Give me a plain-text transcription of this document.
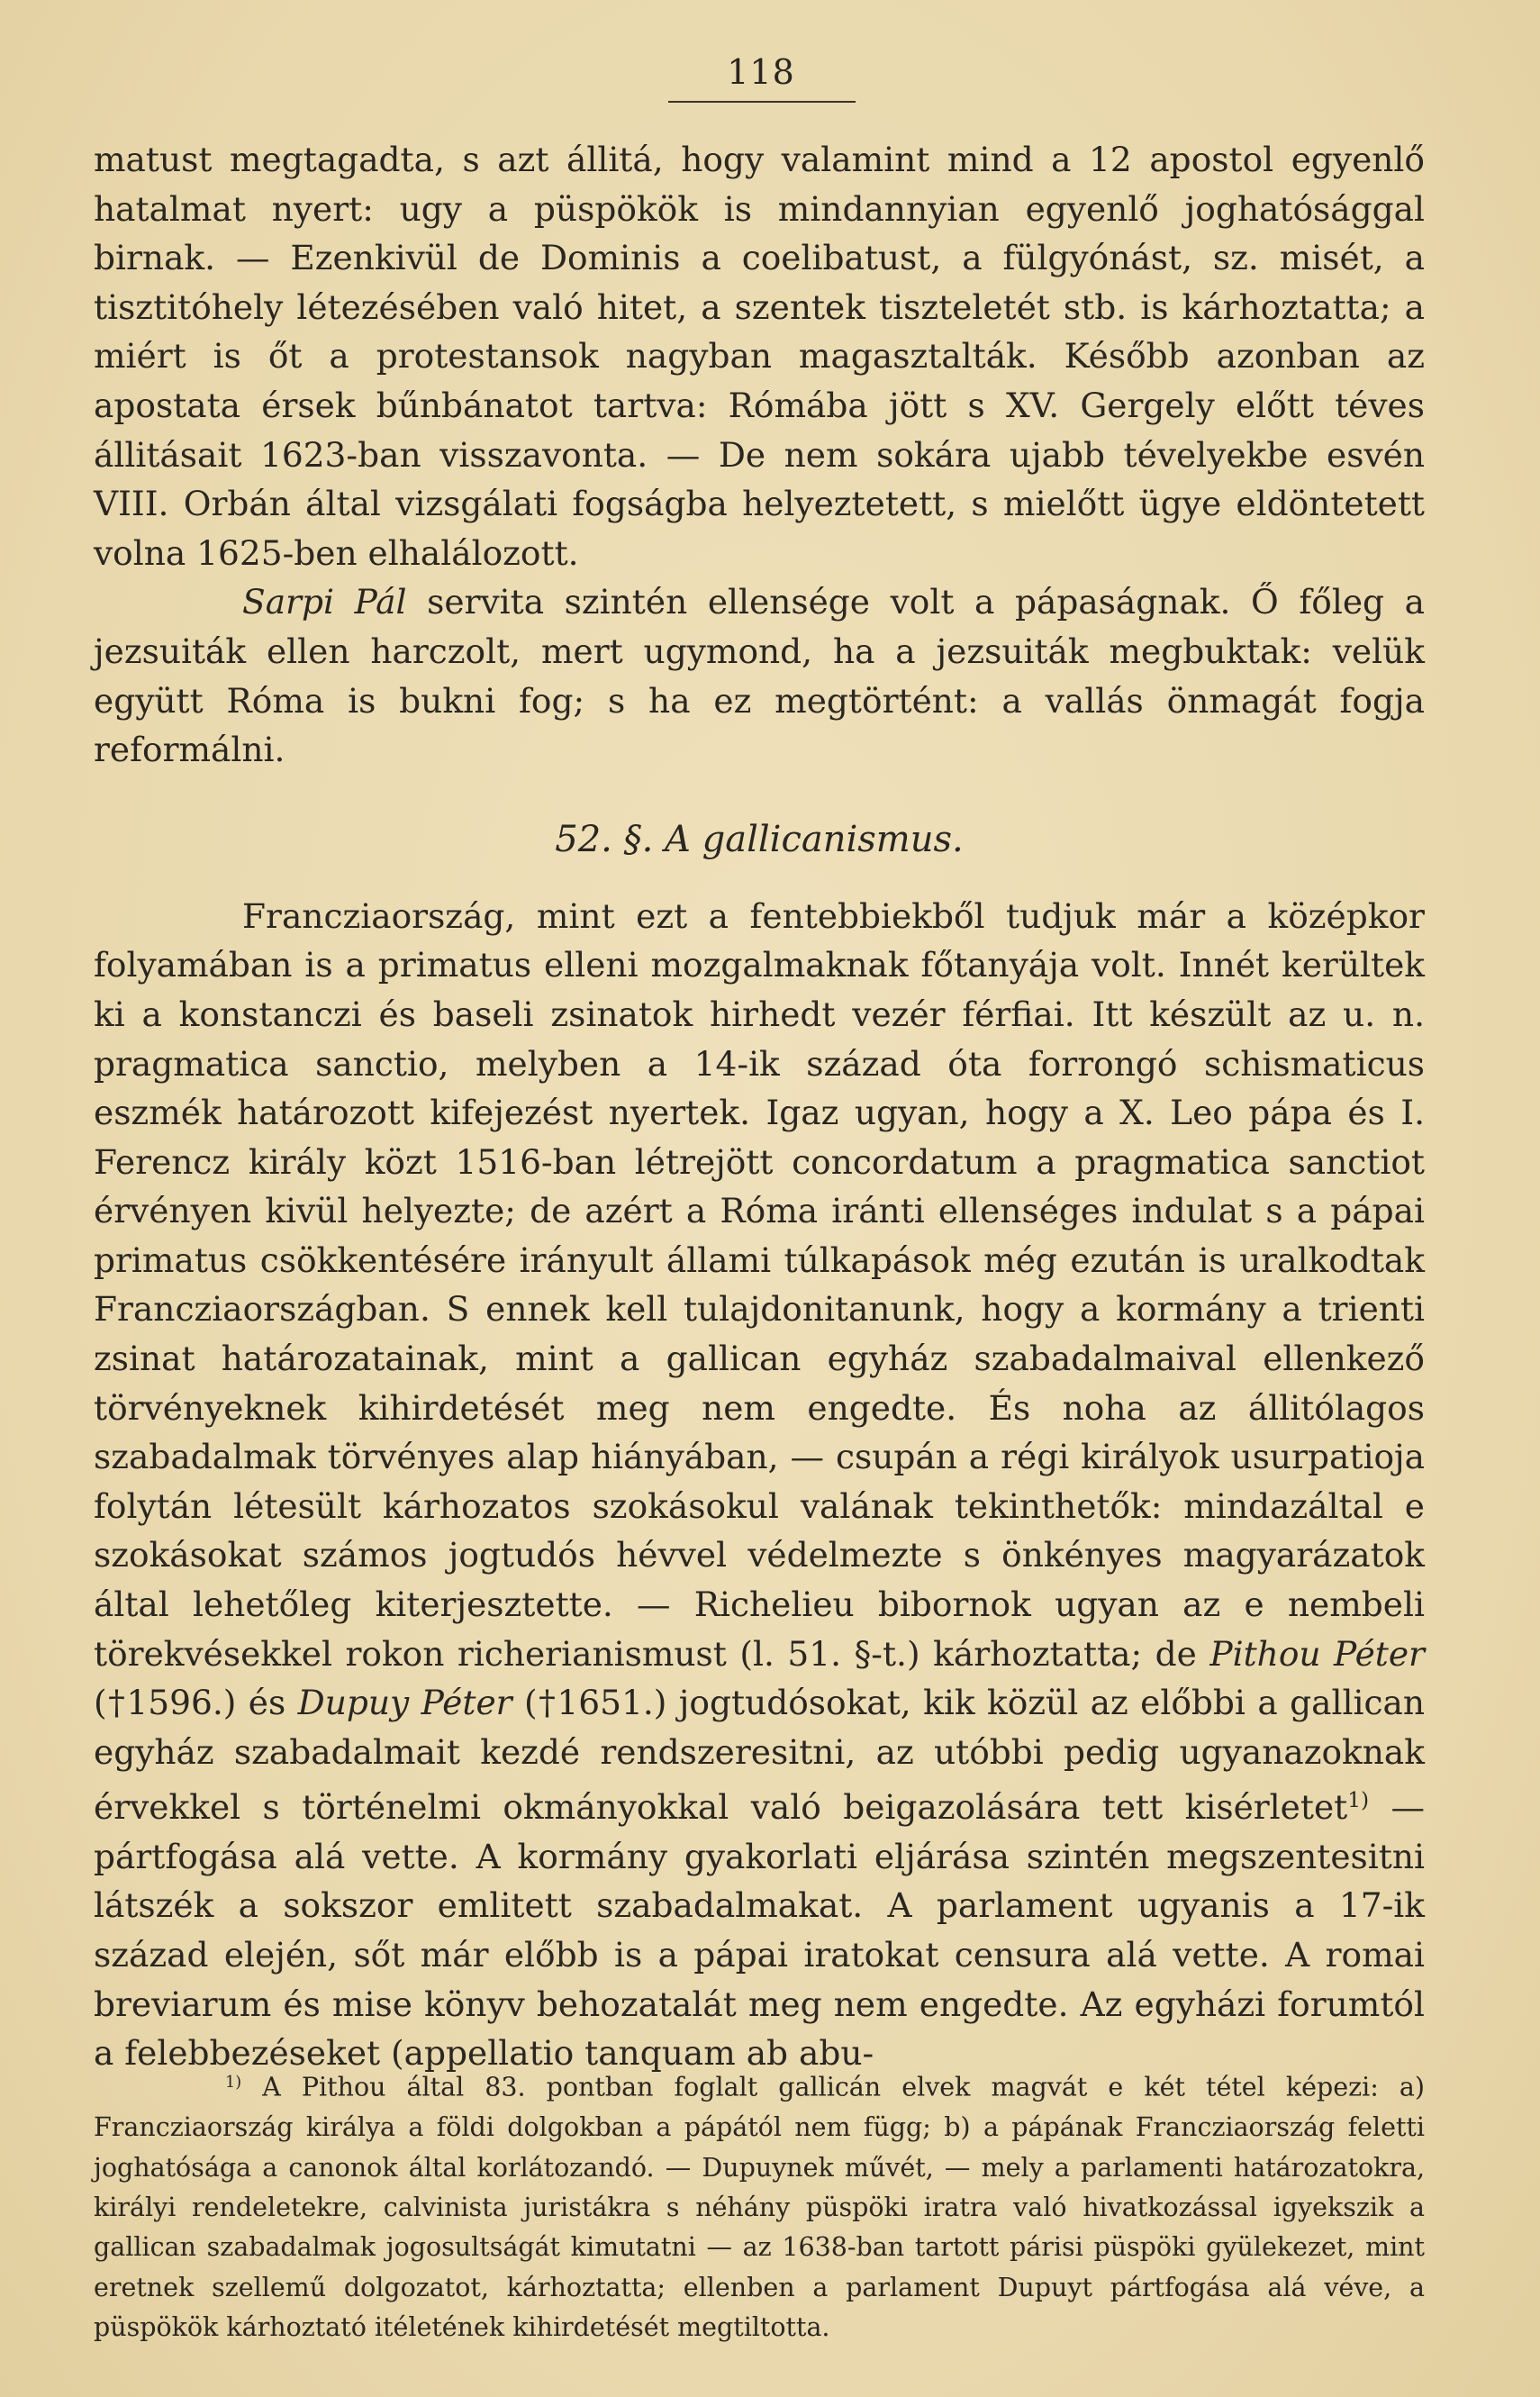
118

matust megtagadta, s azt állitá, hogy valamint mind a 12 apostol egyenlő hatalmat nyert: ugy a püspökök is mindannyian egyenlő joghatósággal birnak. — Ezenkivül de Dominis a coelibatust, a fülgyónást, sz. misét, a tisztitóhely létezésében való hitet, a szentek tiszteletét stb. is kárhoztatta; a miért is őt a protestansok nagyban magasztalták. Később azonban az apostata érsek bűnbánatot tartva: Rómába jött s XV. Gergely előtt téves állitásait 1623-ban visszavonta. — De nem sokára ujabb tévelyekbe esvén VIII. Orbán által vizsgálati fogságba helyeztetett, s mielőtt ügye eldöntetett volna 1625-ben elhalálozott.

Sarpi Pál servita szintén ellensége volt a pápaságnak. Ő főleg a jezsuiták ellen harczolt, mert ugymond, ha a jezsuiták megbuktak: velük együtt Róma is bukni fog; s ha ez megtörtént: a vallás önmagát fogja reformálni.

52. §. A gallicanismus.

Francziaország, mint ezt a fentebbiekből tudjuk már a középkor folyamában is a primatus elleni mozgalmaknak főtanyája volt. Innét kerültek ki a konstanczi és baseli zsinatok hirhedt vezér férfiai. Itt készült az u. n. pragmatica sanctio, melyben a 14-ik század óta forrongó schismaticus eszmék határozott kifejezést nyertek. Igaz ugyan, hogy a X. Leo pápa és I. Ferencz király közt 1516-ban létrejött concordatum a pragmatica sanctiot érvényen kivül helyezte; de azért a Róma iránti ellenséges indulat s a pápai primatus csökkentésére irányult állami túlkapások még ezután is uralkodtak Francziaországban. S ennek kell tulajdonitanunk, hogy a kormány a trienti zsinat határozatainak, mint a gallican egyház szabadalmaival ellenkező törvényeknek kihirdetését meg nem engedte. És noha az állitólagos szabadalmak törvényes alap hiányában, — csupán a régi királyok usurpatioja folytán létesült kárhozatos szokásokul valának tekinthetők: mindazáltal e szokásokat számos jogtudós hévvel védelmezte s önkényes magyarázatok által lehetőleg kiterjesztette. — Richelieu bibornok ugyan az e nembeli törekvésekkel rokon richerianismust (l. 51. §-t.) kárhoztatta; de Pithou Péter (†1596.) és Dupuy Péter (†1651.) jogtudósokat, kik közül az előbbi a gallican egyház szabadalmait kezdé rendszeresitni, az utóbbi pedig ugyanazoknak érvekkel s történelmi okmányokkal való beigazolására tett kisérletet$^{1)}$ — pártfogása alá vette. A kormány gyakorlati eljárása szintén megszentesitni látszék a sokszor emlitett szabadalmakat. A parlament ugyanis a 17-ik század elején, sőt már előbb is a pápai iratokat censura alá vette. A romai breviarum és mise könyv behozatalát meg nem engedte. Az egyházi forumtól a felebbezéseket (appellatio tanquam ab abu-

$^{1)}$ A Pithou által 83. pontban foglalt gallicán elvek magvát e két tétel képezi: a) Francziaország királya a földi dolgokban a pápától nem függ; b) a pápának Francziaország feletti joghatósága a canonok által korlátozandó. — Dupuynek művét, — mely a parlamenti határozatokra, királyi rendeletekre, calvinista juristákra s néhány püspöki iratra való hivatkozással igyekszik a gallican szabadalmak jogosultságát kimutatni — az 1638-ban tartott párisi püspöki gyülekezet, mint eretnek szellemű dolgozatot, kárhoztatta; ellenben a parlament Dupuyt pártfogása alá véve, a püspökök kárhoztató itéletének kihirdetését megtiltotta.
